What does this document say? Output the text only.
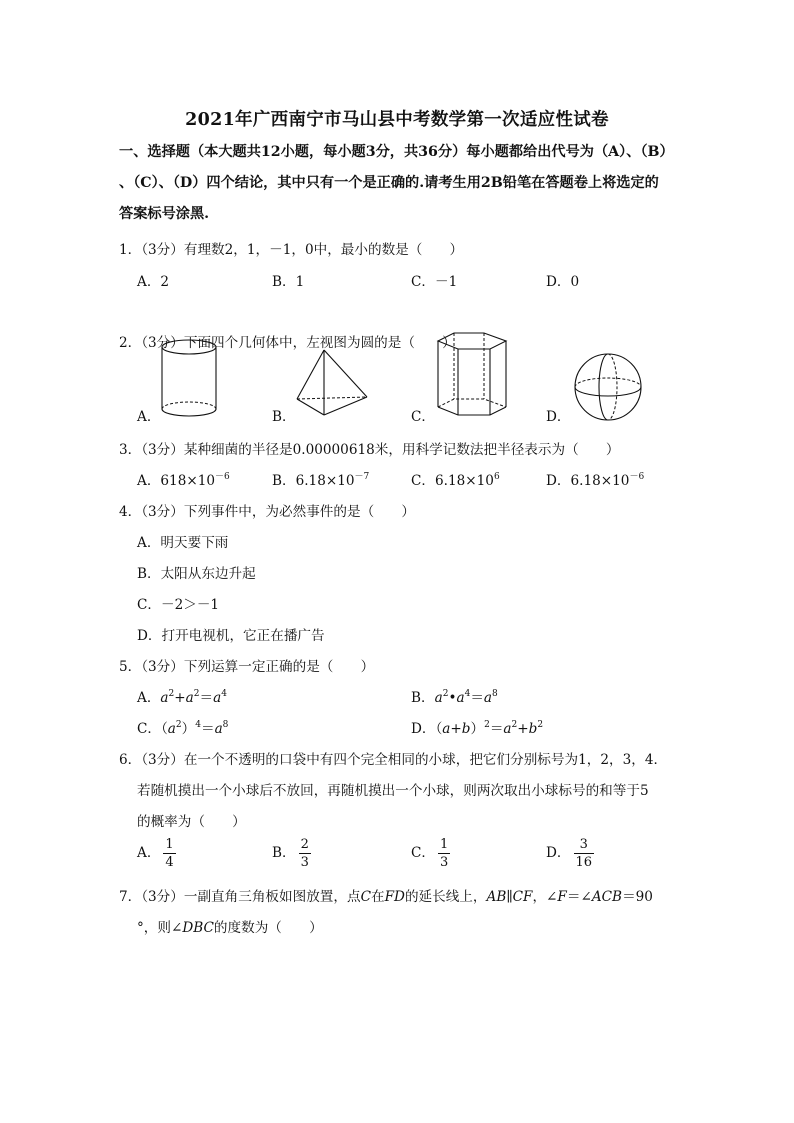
2021年广西南宁市马山县中考数学第一次适应性试卷
一、选择题（本大题共12小题，每小题3分，共36分）每小题都给出代号为（A）、（B）
、（C）、（D）四个结论，其中只有一个是正确的.请考生用2B铅笔在答题卷上将选定的
答案标号涂黑.
1．（3分）有理数2，1，－1，0中，最小的数是（　　）
A．2	B．1	C．－1	D．0
2．（3分）下面四个几何体中，左视图为圆的是（　　）
A．	B．	C．	D．
3．（3分）某种细菌的半径是0.00000618米，用科学记数法把半径表示为（　　）
A．$618\times 10^{-6}$	B．$6.18\times 10^{-7}$	C．$6.18\times 10^6$	D．$6.18\times 10^{-6}$
4．（3分）下列事件中，为必然事件的是（　　）
A．明天要下雨
B．太阳从东边升起
C．－2＞－1
D．打开电视机，它正在播广告
5．（3分）下列运算一定正确的是（　　）
A．$a^2+a^2=a^4$	B．$a^2•a^4=a^8$
C．$(a^2)^4=a^8$	D．$(a+b)^2=a^2+b^2$
6．（3分）在一个不透明的口袋中有四个完全相同的小球，把它们分别标号为1，2，3，4．
若随机摸出一个小球后不放回，再随机摸出一个小球，则两次取出小球标号的和等于5
的概率为（　　）
A． $\frac{1}{4}$	B． $\frac{2}{3}$	C． $\frac{1}{3}$	D． $\frac{3}{16}$
7．（3分）一副直角三角板如图放置，点C在FD的延长线上，AB∥CF，∠F＝∠ACB＝90
°，则∠DBC的度数为（　　）
